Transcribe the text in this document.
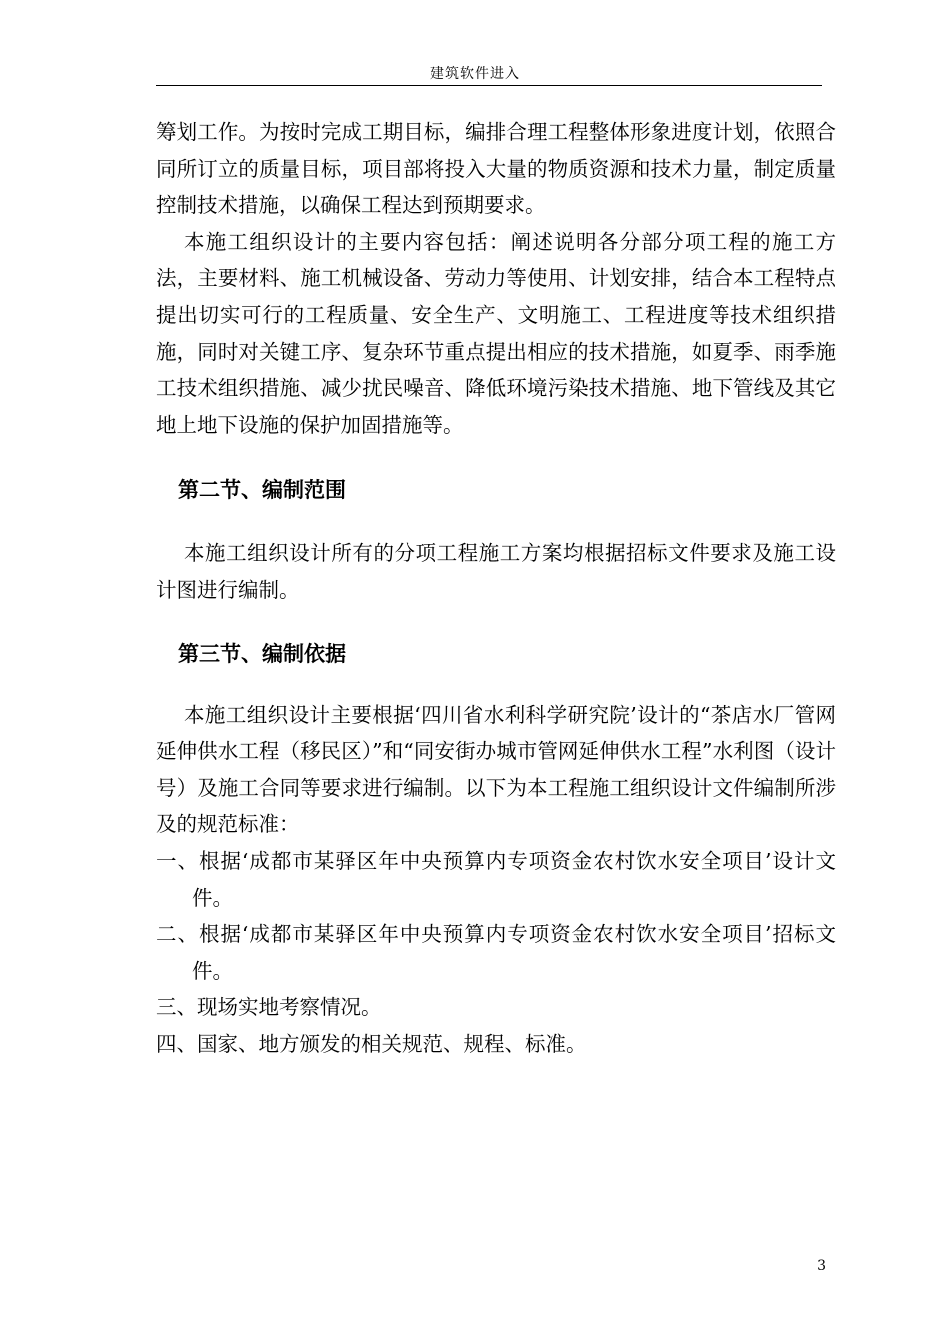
建筑软件进入

筹划工作。为按时完成工期目标，编排合理工程整体形象进度计划，依照合同所订立的质量目标，项目部将投入大量的物质资源和技术力量，制定质量控制技术措施，以确保工程达到预期要求。

本施工组织设计的主要内容包括：阐述说明各分部分项工程的施工方法，主要材料、施工机械设备、劳动力等使用、计划安排，结合本工程特点提出切实可行的工程质量、安全生产、文明施工、工程进度等技术组织措施，同时对关键工序、复杂环节重点提出相应的技术措施，如夏季、雨季施工技术组织措施、减少扰民噪音、降低环境污染技术措施、地下管线及其它地上地下设施的保护加固措施等。

第二节、编制范围

本施工组织设计所有的分项工程施工方案均根据招标文件要求及施工设计图进行编制。

第三节、编制依据

本施工组织设计主要根据‘四川省水利科学研究院’设计的“茶店水厂管网延伸供水工程（移民区）”和“同安街办城市管网延伸供水工程”水利图（设计号）及施工合同等要求进行编制。以下为本工程施工组织设计文件编制所涉及的规范标准：

一、根据‘成都市某驿区年中央预算内专项资金农村饮水安全项目’设计文件。

二、根据‘成都市某驿区年中央预算内专项资金农村饮水安全项目’招标文件。

三、现场实地考察情况。

四、国家、地方颁发的相关规范、规程、标准。

3
